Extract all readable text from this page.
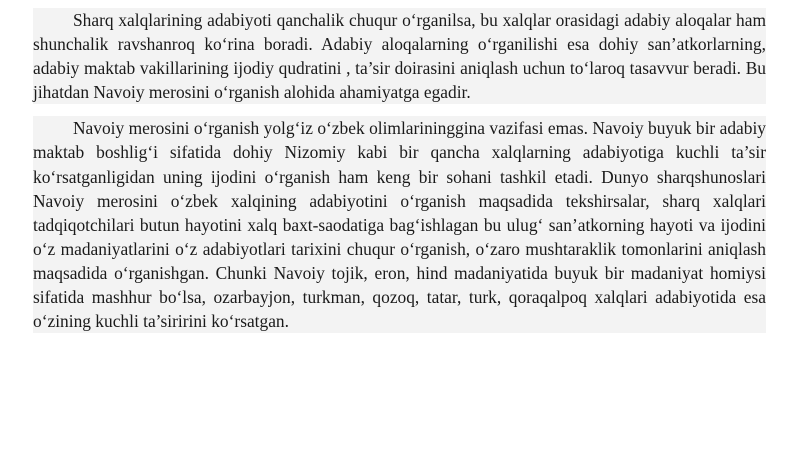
Sharq xalqlarining adabiyoti qanchalik chuqur o‘rganilsa, bu xalqlar orasidagi adabiy aloqalar ham shunchalik ravshanroq ko‘rina boradi. Adabiy aloqalarning o‘rganilishi esa dohiy san’atkorlarning, adabiy maktab vakillarining ijodiy qudratini , ta’sir doirasini aniqlash uchun to‘laroq tasavvur beradi. Bu jihatdan Navoiy merosini o‘rganish alohida ahamiyatga egadir.

Navoiy merosini o‘rganish yolg‘iz o‘zbek olimlarininggina vazifasi emas. Navoiy buyuk bir adabiy maktab boshlig‘i sifatida dohiy Nizomiy kabi bir qancha xalqlarning adabiyotiga kuchli ta’sir ko‘rsatganligidan uning ijodini o‘rganish ham keng bir sohani tashkil etadi. Dunyo sharqshunoslari Navoiy merosini o‘zbek xalqining adabiyotini o‘rganish maqsadida tekshirsalar, sharq xalqlari tadqiqotchilari butun hayotini xalq baxt-saodatiga bag‘ishlagan bu ulug‘ san’atkorning hayoti va ijodini o‘z madaniyatlarini o‘z adabiyotlari tarixini chuqur o‘rganish, o‘zaro mushtaraklik tomonlarini aniqlash maqsadida o‘rganishgan. Chunki Navoiy tojik, eron, hind madaniyatida buyuk bir madaniyat homiysi sifatida mashhur bo‘lsa, ozarbayjon, turkman, qozoq, tatar, turk, qoraqalpoq xalqlari adabiyotida esa o‘zining kuchli ta’siririni ko‘rsatgan.
